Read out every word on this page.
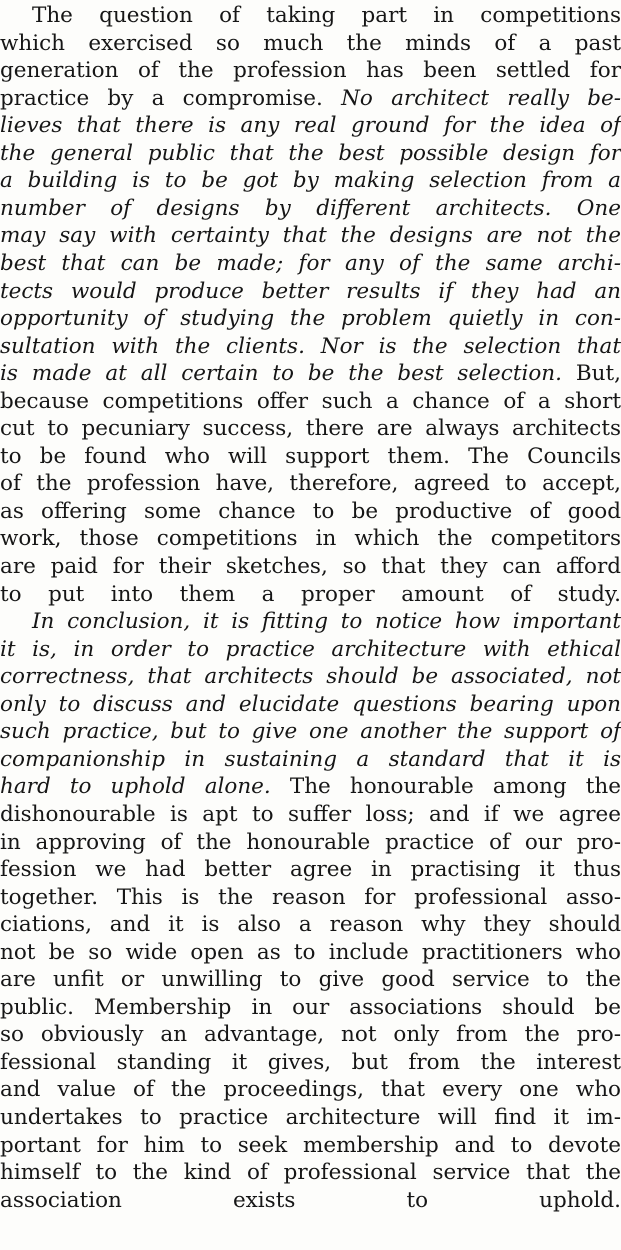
The question of taking part in competitions
which exercised so much the minds of a past
generation of the profession has been settled for
practice by a compromise. No architect really be-
lieves that there is any real ground for the idea of
the general public that the best possible design for
a building is to be got by making selection from a
number of designs by different architects. One
may say with certainty that the designs are not the
best that can be made; for any of the same archi-
tects would produce better results if they had an
opportunity of studying the problem quietly in con-
sultation with the clients. Nor is the selection that
is made at all certain to be the best selection. But,
because competitions offer such a chance of a short
cut to pecuniary success, there are always architects
to be found who will support them. The Councils
of the profession have, therefore, agreed to accept,
as offering some chance to be productive of good
work, those competitions in which the competitors
are paid for their sketches, so that they can afford
to put into them a proper amount of study.
In conclusion, it is fitting to notice how important
it is, in order to practice architecture with ethical
correctness, that architects should be associated, not
only to discuss and elucidate questions bearing upon
such practice, but to give one another the support of
companionship in sustaining a standard that it is
hard to uphold alone. The honourable among the
dishonourable is apt to suffer loss; and if we agree
in approving of the honourable practice of our pro-
fession we had better agree in practising it thus
together. This is the reason for professional asso-
ciations, and it is also a reason why they should
not be so wide open as to include practitioners who
are unfit or unwilling to give good service to the
public. Membership in our associations should be
so obviously an advantage, not only from the pro-
fessional standing it gives, but from the interest
and value of the proceedings, that every one who
undertakes to practice architecture will find it im-
portant for him to seek membership and to devote
himself to the kind of professional service that the
association exists to uphold.
